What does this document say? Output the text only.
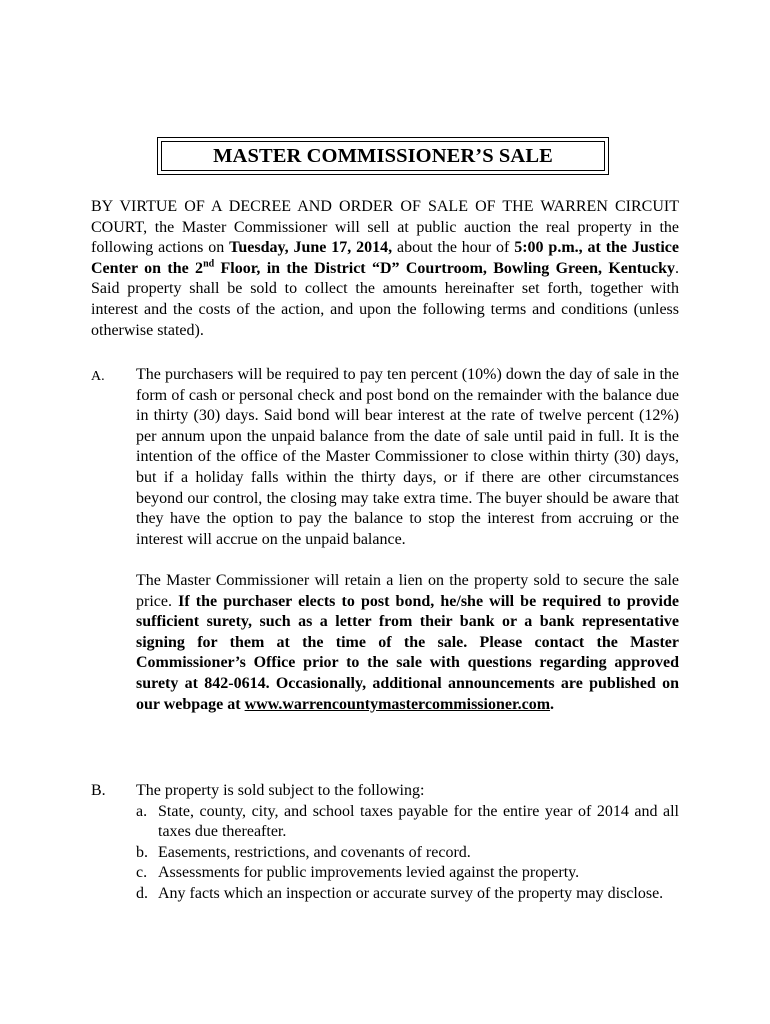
MASTER COMMISSIONER’S SALE

BY VIRTUE OF A DECREE AND ORDER OF SALE OF THE WARREN CIRCUIT COURT, the Master Commissioner will sell at public auction the real property in the following actions on Tuesday, June 17, 2014, about the hour of 5:00 p.m., at the Justice Center on the 2nd Floor, in the District “D” Courtroom, Bowling Green, Kentucky. Said property shall be sold to collect the amounts hereinafter set forth, together with interest and the costs of the action, and upon the following terms and conditions (unless otherwise stated).

A. The purchasers will be required to pay ten percent (10%) down the day of sale in the form of cash or personal check and post bond on the remainder with the balance due in thirty (30) days. Said bond will bear interest at the rate of twelve percent (12%) per annum upon the unpaid balance from the date of sale until paid in full. It is the intention of the office of the Master Commissioner to close within thirty (30) days, but if a holiday falls within the thirty days, or if there are other circumstances beyond our control, the closing may take extra time. The buyer should be aware that they have the option to pay the balance to stop the interest from accruing or the interest will accrue on the unpaid balance.

The Master Commissioner will retain a lien on the property sold to secure the sale price. If the purchaser elects to post bond, he/she will be required to provide sufficient surety, such as a letter from their bank or a bank representative signing for them at the time of the sale. Please contact the Master Commissioner’s Office prior to the sale with questions regarding approved surety at 842-0614. Occasionally, additional announcements are published on our webpage at www.warrencountymastercommissioner.com.

B. The property is sold subject to the following:

a. State, county, city, and school taxes payable for the entire year of 2014 and all taxes due thereafter.
b. Easements, restrictions, and covenants of record.
c. Assessments for public improvements levied against the property.
d. Any facts which an inspection or accurate survey of the property may disclose.
